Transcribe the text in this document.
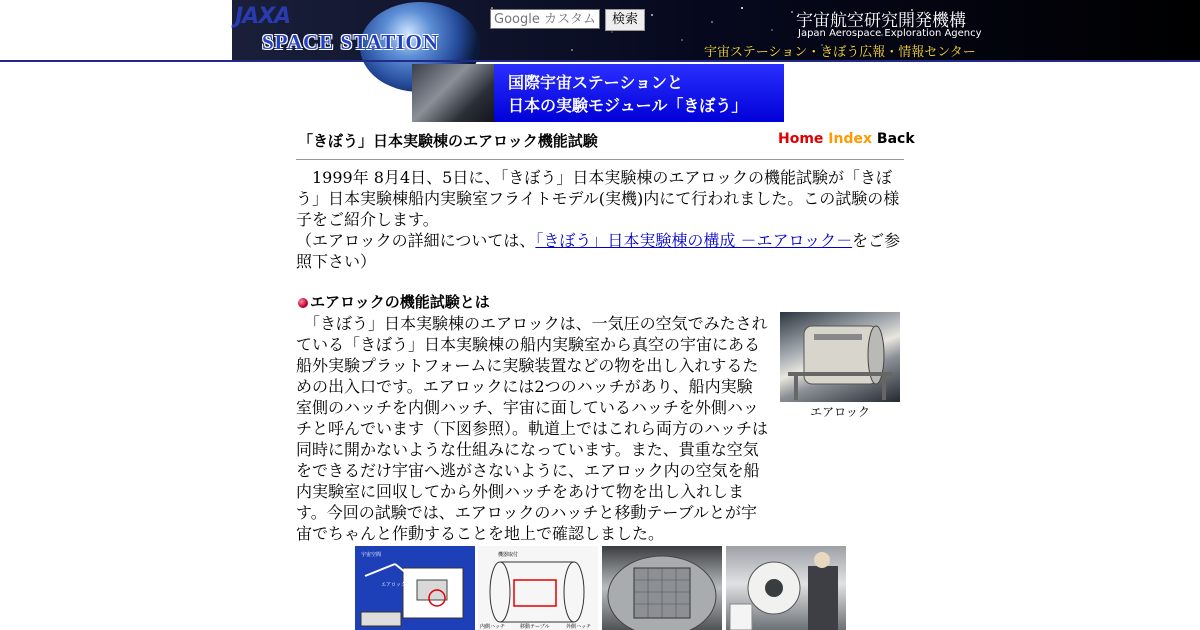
JAXA
SPACE STATION
Google カスタム検
検索	宇宙航空研究開発機構
Japan Aerospace Exploration Agency
宇宙ステーション・きぼう広報・情報センター
国際宇宙ステーションと
日本の実験モジュール「きぼう」
「きぼう」日本実験棟のエアロック機能試験	Home Index Back
　1999年 8月4日、5日に、「きぼう」日本実験棟のエアロックの機能試験が「きぼう」日本実験棟船内実験室フライトモデル(実機)内にて行われました。この試験の様子をご紹介します。
（エアロックの詳細については、「きぼう」日本実験棟の構成 －エアロック－をご参照下さい）
エアロックの機能試験とは
　「きぼう」日本実験棟のエアロックは、一気圧の空気でみたされている「きぼう」日本実験棟の船内実験室から真空の宇宙にある船外実験プラットフォームに実験装置などの物を出し入れするための出入口です。エアロックには2つのハッチがあり、船内実験室側のハッチを内側ハッチ、宇宙に面しているハッチを外側ハッチと呼んでいます（下図参照）。軌道上ではこれら両方のハッチは同時に開かないような仕組みになっています。また、貴重な空気をできるだけ宇宙へ逃がさないように、エアロック内の空気を船内実験室に回収してから外側ハッチをあけて物を出し入れします。今回の試験では、エアロックのハッチと移動テーブルとが宇宙でちゃんと作動することを地上で確認しました。
エアロック
宇宙空間
エアロック
機器取付
内側ハッチ	移動テーブル	外側ハッチ
